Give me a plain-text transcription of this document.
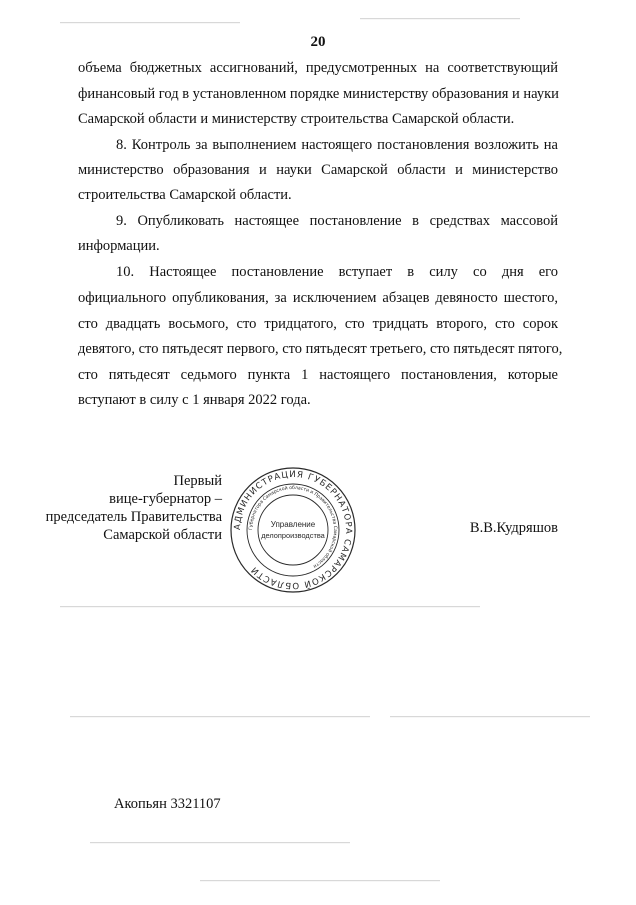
20
объема бюджетных ассигнований, предусмотренных на соответствующий
финансовый год в установленном порядке министерству образования и науки
Самарской области и министерству строительства Самарской области.
8. Контроль за выполнением настоящего постановления возложить на
министерство образования и науки Самарской области и министерство
строительства Самарской области.
9. Опубликовать настоящее постановление в средствах массовой
информации.
10. Настоящее постановление вступает в силу со дня его
официального опубликования, за исключением абзацев девяносто шестого,
сто двадцать восьмого, сто тридцатого, сто тридцать второго, сто сорок
девятого, сто пятьдесят первого, сто пятьдесят третьего, сто пятьдесят пятого,
сто пятьдесят седьмого пункта 1 настоящего постановления, которые
вступают в силу с 1 января 2022 года.
Первый
вице-губернатор –
председатель Правительства
Самарской области
АДМИНИСТРАЦИЯ ГУБЕРНАТОРА САМАРСКОЙ ОБЛАСТИ
Губернатора Самарской области и Правительства Самарской области
Управление
делопроизводства	В.В.Кудряшов
Акопьян 3321107
